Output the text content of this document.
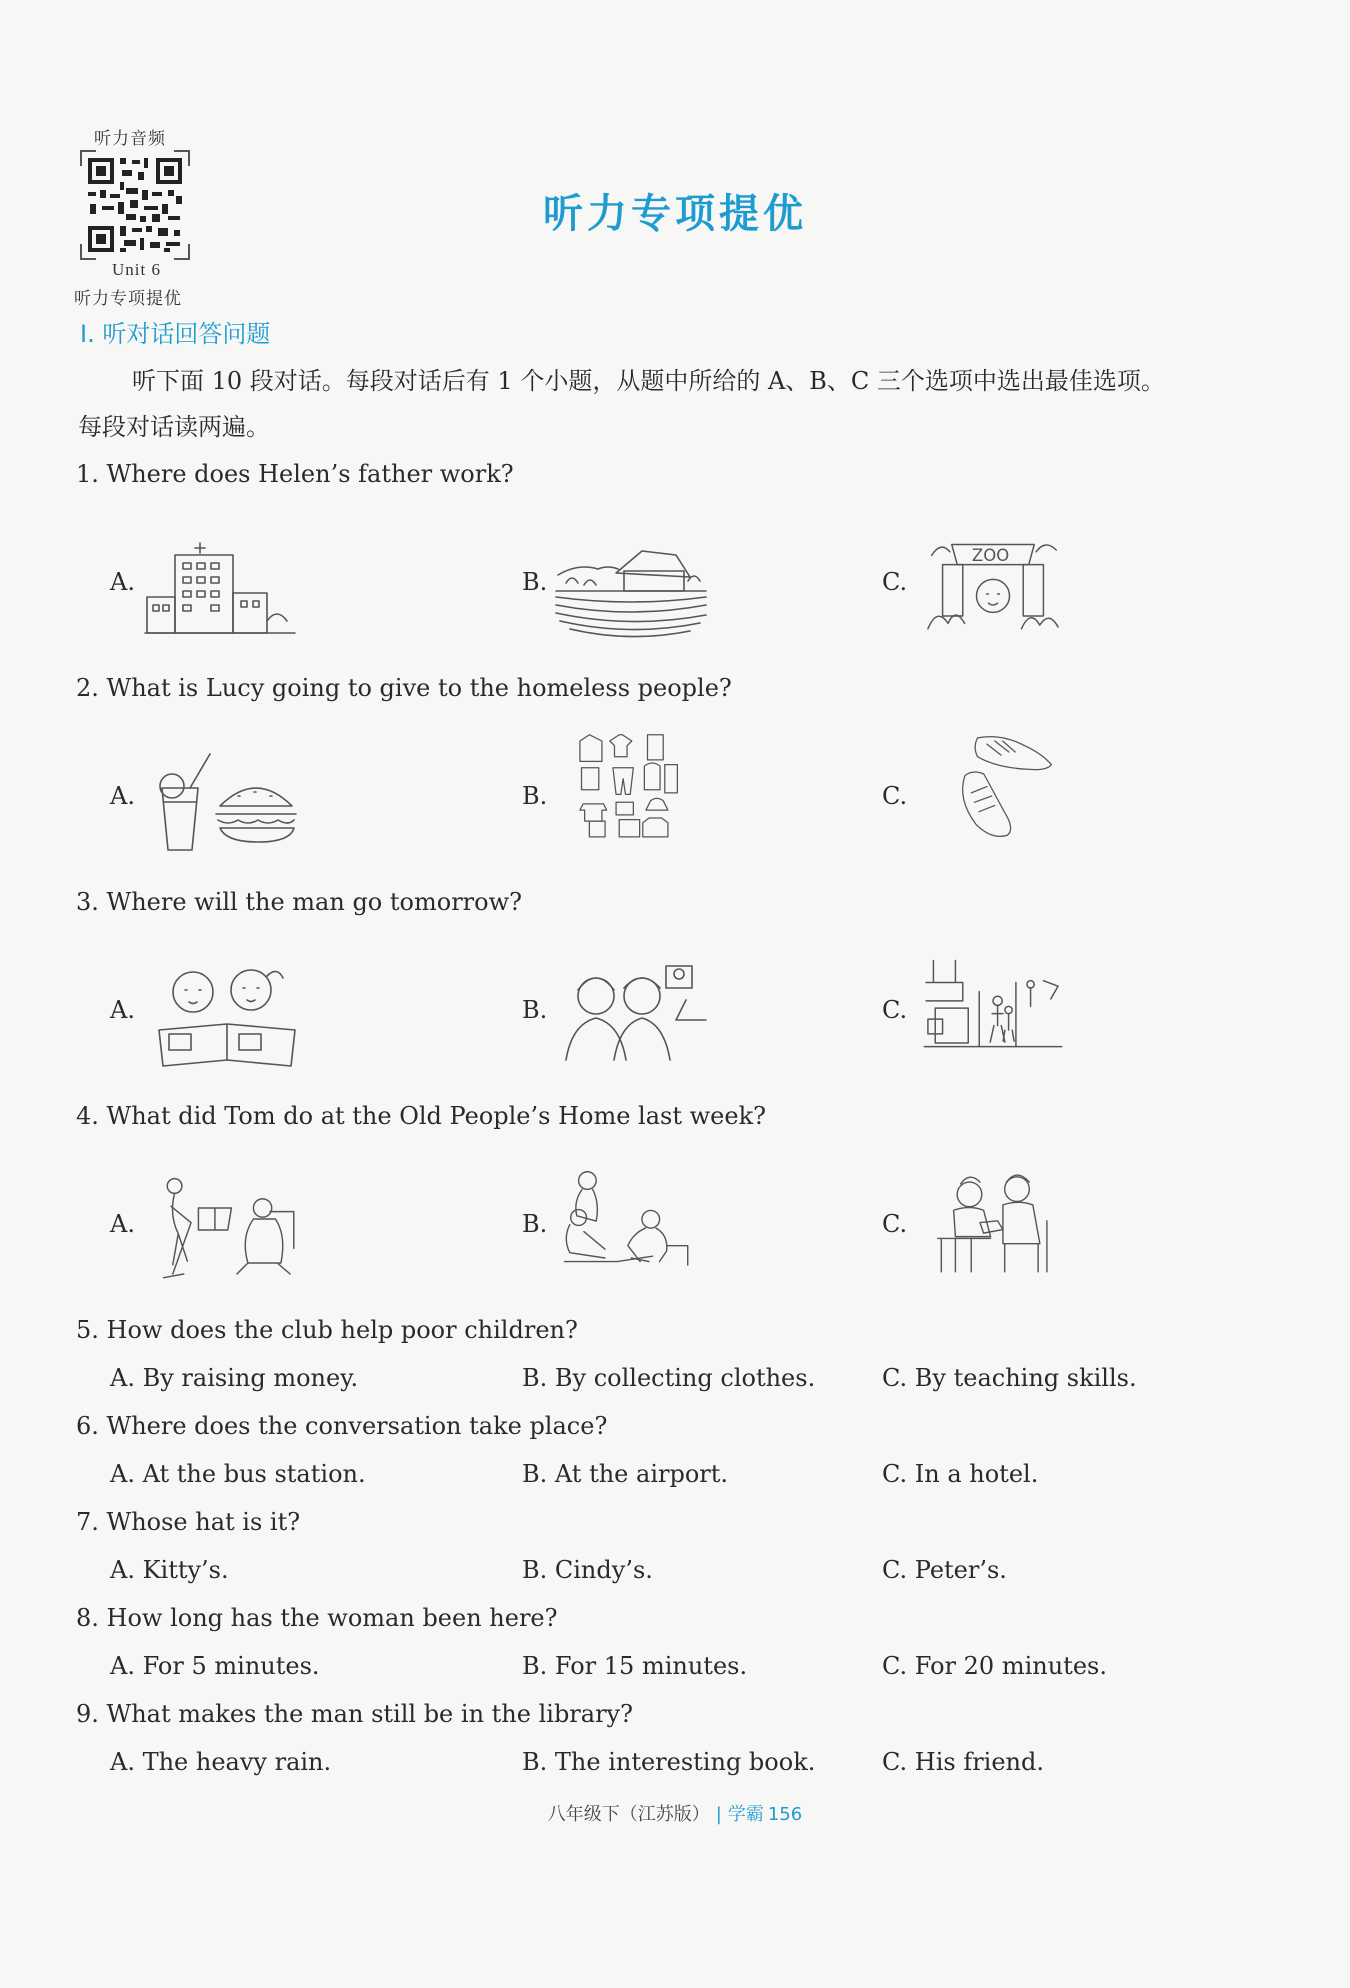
听力音频
Unit 6
听力专项提优
听力专项提优
Ⅰ. 听对话回答问题
听下面 10 段对话。每段对话后有 1 个小题，从题中所给的 A、B、C 三个选项中选出最佳选项。
每段对话读两遍。
1. Where does Helen’s father work?
A.	B.	C.
ZOO
2. What is Lucy going to give to the homeless people?
A.	B.	C.
3. Where will the man go tomorrow?
A.	B.	C.
4. What did Tom do at the Old People’s Home last week?
A.	B.	C.
5. How does the club help poor children?
A. By raising money.	B. By collecting clothes.	C. By teaching skills.
6. Where does the conversation take place?
A. At the bus station.	B. At the airport.	C. In a hotel.
7. Whose hat is it?
A. Kitty’s.	B. Cindy’s.	C. Peter’s.
8. How long has the woman been here?
A. For 5 minutes.	B. For 15 minutes.	C. For 20 minutes.
9. What makes the man still be in the library?
A. The heavy rain.	B. The interesting book.	C. His friend.
八年级下（江苏版） | 学霸 156
